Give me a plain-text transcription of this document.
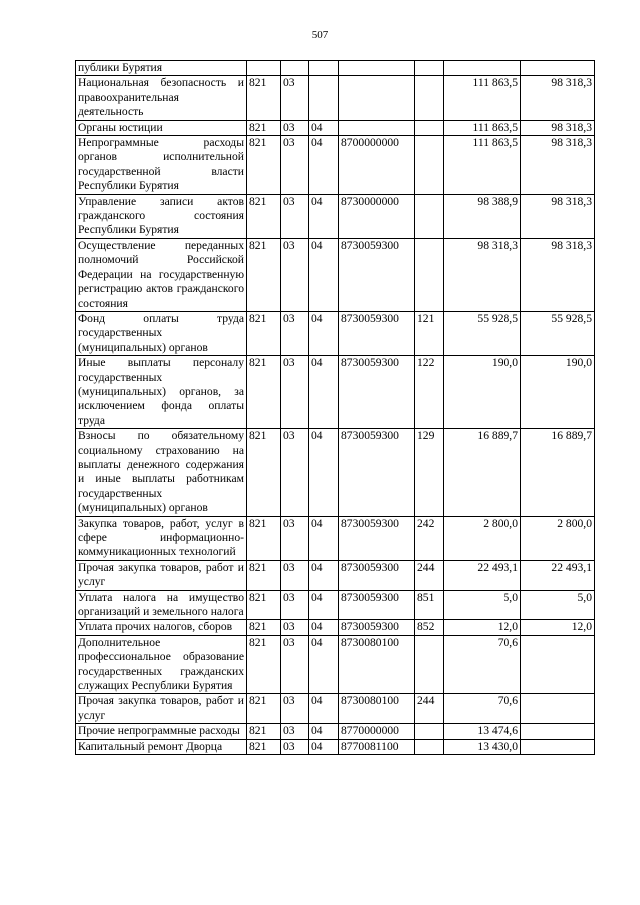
507
публики Бурятия							
Национальная безопасность и правоохранительная деятельность	821	03				111 863,5	98 318,3
Органы юстиции	821	03	04			111 863,5	98 318,3
Непрограммные расходы органов исполнительной государственной власти Республики Бурятия	821	03	04	8700000000		111 863,5	98 318,3
Управление записи актов гражданского состояния Республики Бурятия	821	03	04	8730000000		98 388,9	98 318,3
Осуществление переданных полномочий Российской Федерации на государственную регистрацию актов гражданского состояния	821	03	04	8730059300		98 318,3	98 318,3
Фонд оплаты труда государственных (муниципальных) органов	821	03	04	8730059300	121	55 928,5	55 928,5
Иные выплаты персоналу государственных (муниципальных) органов, за исключением фонда оплаты труда	821	03	04	8730059300	122	190,0	190,0
Взносы по обязательному социальному страхованию на выплаты денежного содержания и иные выплаты работникам государственных (муниципальных) органов	821	03	04	8730059300	129	16 889,7	16 889,7
Закупка товаров, работ, услуг в сфере информационно-коммуникационных технологий	821	03	04	8730059300	242	2 800,0	2 800,0
Прочая закупка товаров, работ и услуг	821	03	04	8730059300	244	22 493,1	22 493,1
Уплата налога на имущество организаций и земельного налога	821	03	04	8730059300	851	5,0	5,0
Уплата прочих налогов, сборов	821	03	04	8730059300	852	12,0	12,0
Дополнительное профессиональное образование государственных гражданских служащих Республики Бурятия	821	03	04	8730080100		70,6	
Прочая закупка товаров, работ и услуг	821	03	04	8730080100	244	70,6	
Прочие непрограммные расходы	821	03	04	8770000000		13 474,6	
Капитальный ремонт Дворца	821	03	04	8770081100		13 430,0	
